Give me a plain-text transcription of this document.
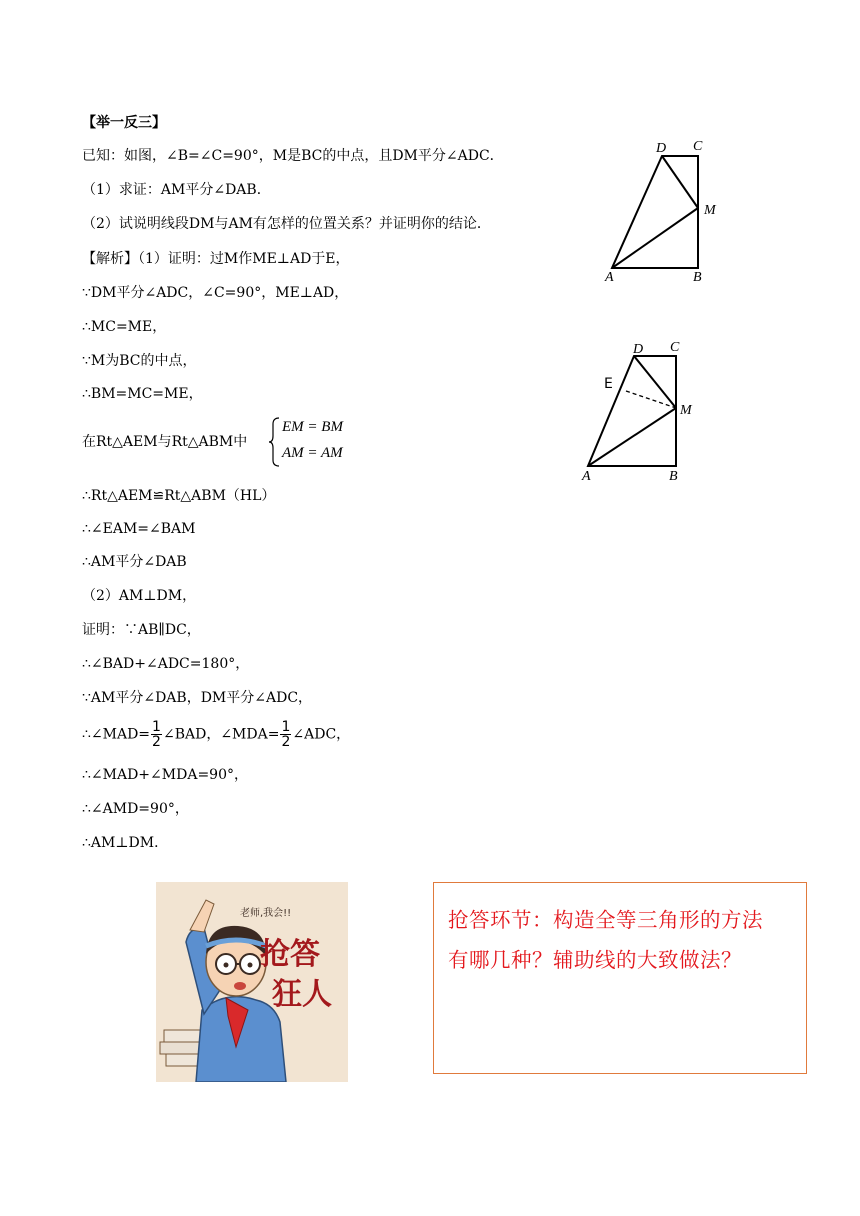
【举一反三】
已知：如图，∠B=∠C=90°，M是BC的中点，且DM平分∠ADC．
（1）求证：AM平分∠DAB．
（2）试说明线段DM与AM有怎样的位置关系？并证明你的结论．
【解析】（1）证明：过M作ME⊥AD于E，
∵DM平分∠ADC，∠C=90°，ME⊥AD，
∴MC=ME，
∵M为BC的中点，
∴BM=MC=ME，
在Rt△AEM与Rt△ABM中
EM = BM
AM = AM
∴Rt△AEM≌Rt△ABM（HL）
∴∠EAM=∠BAM
∴AM平分∠DAB
（2）AM⊥DM，
证明：∵AB∥DC，
∴∠BAD+∠ADC=180°，
∵AM平分∠DAB，DM平分∠ADC，
∴∠MAD= $\frac{1}{2}$ ∠BAD，∠MDA= $\frac{1}{2}$ ∠ADC，
∴∠MAD+∠MDA=90°，
∴∠AMD=90°，
∴AM⊥DM．
D C
M
A	B
D C
M
A	B
E
老师,我会!!
抢答
狂人
抢答环节：构造全等三角形的方法
有哪几种？辅助线的大致做法？
